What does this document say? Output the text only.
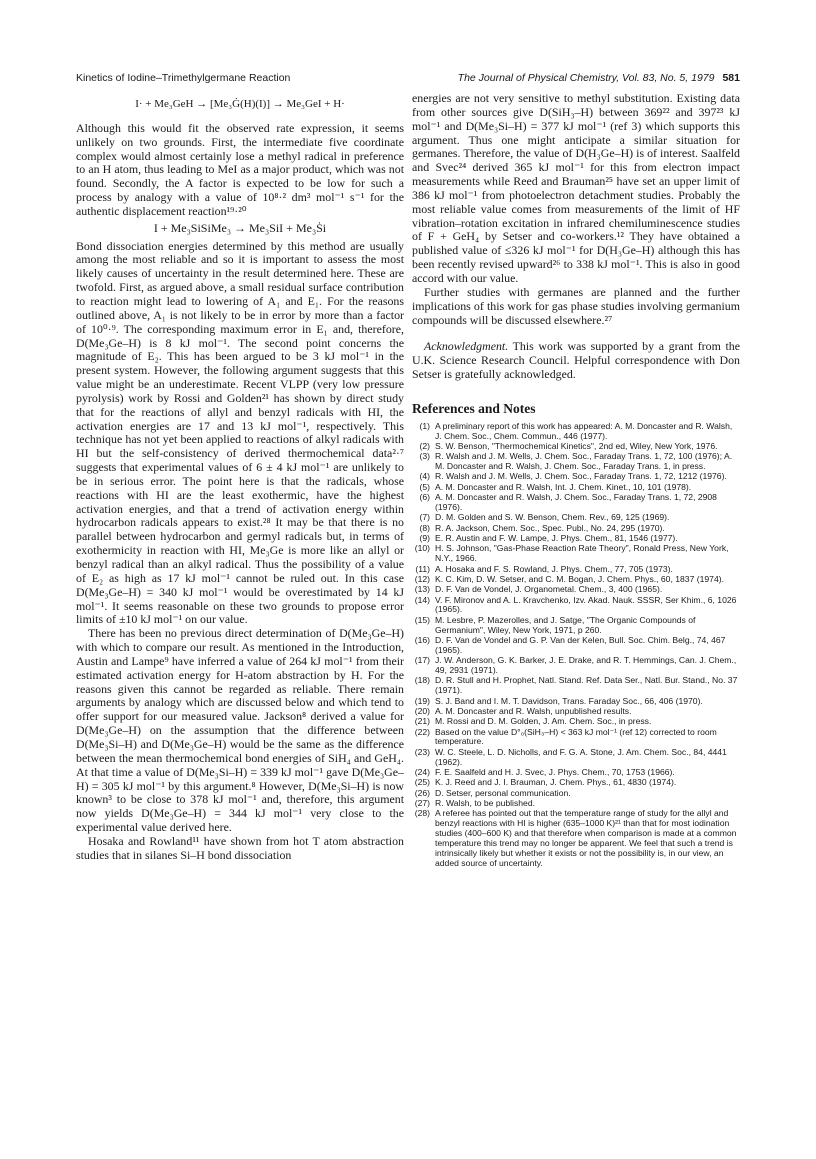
Kinetics of Iodine–Trimethylgermane Reaction	The Journal of Physical Chemistry, Vol. 83, No. 5, 1979 581
I· + Me₃GeH → [Me₃Ġ(H)(I)] → Me₃GeI + H·

Although this would fit the observed rate expression, it seems unlikely on two grounds. First, the intermediate five coordinate complex would almost certainly lose a methyl radical in preference to an H atom, thus leading to MeI as a major product, which was not found. Secondly, the A factor is expected to be low for such a process by analogy with a value of 10⁸·² dm³ mol⁻¹ s⁻¹ for the authentic displacement reaction¹⁹·²⁰

I + Me₃SiSiMe₃ → Me₃SiI + Me₃Ṡi

Bond dissociation energies determined by this method are usually among the most reliable and so it is important to assess the most likely causes of uncertainty in the result determined here. These are twofold. First, as argued above, a small residual surface contribution to reaction might lead to lowering of A₁ and E₁. For the reasons outlined above, A₁ is not likely to be in error by more than a factor of 10⁰·⁹. The corresponding maximum error in E₁ and, therefore, D(Me₃Ge–H) is 8 kJ mol⁻¹. The second point concerns the magnitude of E₂. This has been argued to be 3 kJ mol⁻¹ in the present system. However, the following argument suggests that this value might be an underestimate. Recent VLPP (very low pressure pyrolysis) work by Rossi and Golden²¹ has shown by direct study that for the reactions of allyl and benzyl radicals with HI, the activation energies are 17 and 13 kJ mol⁻¹, respectively. This technique has not yet been applied to reactions of alkyl radicals with HI but the self-consistency of derived thermochemical data²·⁷ suggests that experimental values of 6 ± 4 kJ mol⁻¹ are unlikely to be in serious error. The point here is that the radicals, whose reactions with HI are the least exothermic, have the highest activation energies, and that a trend of activation energy within hydrocarbon radicals appears to exist.²⁸ It may be that there is no parallel between hydrocarbon and germyl radicals but, in terms of exothermicity in reaction with HI, Me₃Ge is more like an allyl or benzyl radical than an alkyl radical. Thus the possibility of a value of E₂ as high as 17 kJ mol⁻¹ cannot be ruled out. In this case D(Me₃Ge–H) = 340 kJ mol⁻¹ would be overestimated by 14 kJ mol⁻¹. It seems reasonable on these two grounds to propose error limits of ±10 kJ mol⁻¹ on our value.

There has been no previous direct determination of D(Me₃Ge–H) with which to compare our result. As mentioned in the Introduction, Austin and Lampe⁹ have inferred a value of 264 kJ mol⁻¹ from their estimated activation energy for H-atom abstraction by H. For the reasons given this cannot be regarded as reliable. There remain arguments by analogy which are discussed below and which tend to offer support for our measured value. Jackson⁸ derived a value for D(Me₃Ge–H) on the assumption that the difference between D(Me₃Si–H) and D(Me₃Ge–H) would be the same as the difference between the mean thermochemical bond energies of SiH₄ and GeH₄. At that time a value of D(Me₃Si–H) = 339 kJ mol⁻¹ gave D(Me₃Ge–H) = 305 kJ mol⁻¹ by this argument.⁸ However, D(Me₃Si–H) is now known³ to be close to 378 kJ mol⁻¹ and, therefore, this argument now yields D(Me₃Ge–H) = 344 kJ mol⁻¹ very close to the experimental value derived here.

Hosaka and Rowland¹¹ have shown from hot T atom abstraction studies that in silanes Si–H bond dissociation

energies are not very sensitive to methyl substitution. Existing data from other sources give D(SiH₃–H) between 369²² and 397²³ kJ mol⁻¹ and D(Me₃Si–H) = 377 kJ mol⁻¹ (ref 3) which supports this argument. Thus one might anticipate a similar situation for germanes. Therefore, the value of D(H₃Ge–H) is of interest. Saalfeld and Svec²⁴ derived 365 kJ mol⁻¹ for this from electron impact measurements while Reed and Brauman²⁵ have set an upper limit of 386 kJ mol⁻¹ from photoelectron detachment studies. Probably the most reliable value comes from measurements of the limit of HF vibration–rotation excitation in infrared chemiluminescence studies of F + GeH₄ by Setser and co-workers.¹² They have obtained a published value of ≤326 kJ mol⁻¹ for D(H₃Ge–H) although this has been recently revised upward²⁶ to 338 kJ mol⁻¹. This is also in good accord with our value.

Further studies with germanes are planned and the further implications of this work for gas phase studies involving germanium compounds will be discussed elsewhere.²⁷

Acknowledgment. This work was supported by a grant from the U.K. Science Research Council. Helpful correspondence with Don Setser is gratefully acknowledged.

References and Notes
(1) A preliminary report of this work has appeared: A. M. Doncaster and R. Walsh, J. Chem. Soc., Chem. Commun., 446 (1977).
(2) S. W. Benson, "Thermochemical Kinetics", 2nd ed, Wiley, New York, 1976.
(3) R. Walsh and J. M. Wells, J. Chem. Soc., Faraday Trans. 1, 72, 100 (1976); A. M. Doncaster and R. Walsh, J. Chem. Soc., Faraday Trans. 1, in press.
(4) R. Walsh and J. M. Wells, J. Chem. Soc., Faraday Trans. 1, 72, 1212 (1976).
(5) A. M. Doncaster and R. Walsh, Int. J. Chem. Kinet., 10, 101 (1978).
(6) A. M. Doncaster and R. Walsh, J. Chem. Soc., Faraday Trans. 1, 72, 2908 (1976).
(7) D. M. Golden and S. W. Benson, Chem. Rev., 69, 125 (1969).
(8) R. A. Jackson, Chem. Soc., Spec. Publ., No. 24, 295 (1970).
(9) E. R. Austin and F. W. Lampe, J. Phys. Chem., 81, 1546 (1977).
(10) H. S. Johnson, "Gas-Phase Reaction Rate Theory", Ronald Press, New York, N.Y., 1966.
(11) A. Hosaka and F. S. Rowland, J. Phys. Chem., 77, 705 (1973).
(12) K. C. Kim, D. W. Setser, and C. M. Bogan, J. Chem. Phys., 60, 1837 (1974).
(13) D. F. Van de Vondel, J. Organometal. Chem., 3, 400 (1965).
(14) V. F. Mironov and A. L. Kravchenko, Izv. Akad. Nauk. SSSR, Ser Khim., 6, 1026 (1965).
(15) M. Lesbre, P. Mazerolles, and J. Satge, "The Organic Compounds of Germanium", Wiley, New York, 1971, p 260.
(16) D. F. Van de Vondel and G. P. Van der Kelen, Bull. Soc. Chim. Belg., 74, 467 (1965).
(17) J. W. Anderson, G. K. Barker, J. E. Drake, and R. T. Hemmings, Can. J. Chem., 49, 2931 (1971).
(18) D. R. Stull and H. Prophet, Natl. Stand. Ref. Data Ser., Natl. Bur. Stand., No. 37 (1971).
(19) S. J. Band and I. M. T. Davidson, Trans. Faraday Soc., 66, 406 (1970).
(20) A. M. Doncaster and R. Walsh, unpublished results.
(21) M. Rossi and D. M. Golden, J. Am. Chem. Soc., in press.
(22) Based on the value D°₀(SiH₃–H) < 363 kJ mol⁻¹ (ref 12) corrected to room temperature.
(23) W. C. Steele, L. D. Nicholls, and F. G. A. Stone, J. Am. Chem. Soc., 84, 4441 (1962).
(24) F. E. Saalfeld and H. J. Svec, J. Phys. Chem., 70, 1753 (1966).
(25) K. J. Reed and J. I. Brauman, J. Chem. Phys., 61, 4830 (1974).
(26) D. Setser, personal communication.
(27) R. Walsh, to be published.
(28) A referee has pointed out that the temperature range of study for the allyl and benzyl reactions with HI is higher (635–1000 K)²¹ than that for most iodination studies (400–600 K) and that therefore when comparison is made at a common temperature this trend may no longer be apparent. We feel that such a trend is intrinsically likely but whether it exists or not the possibility is, in our view, an added source of uncertainty.
